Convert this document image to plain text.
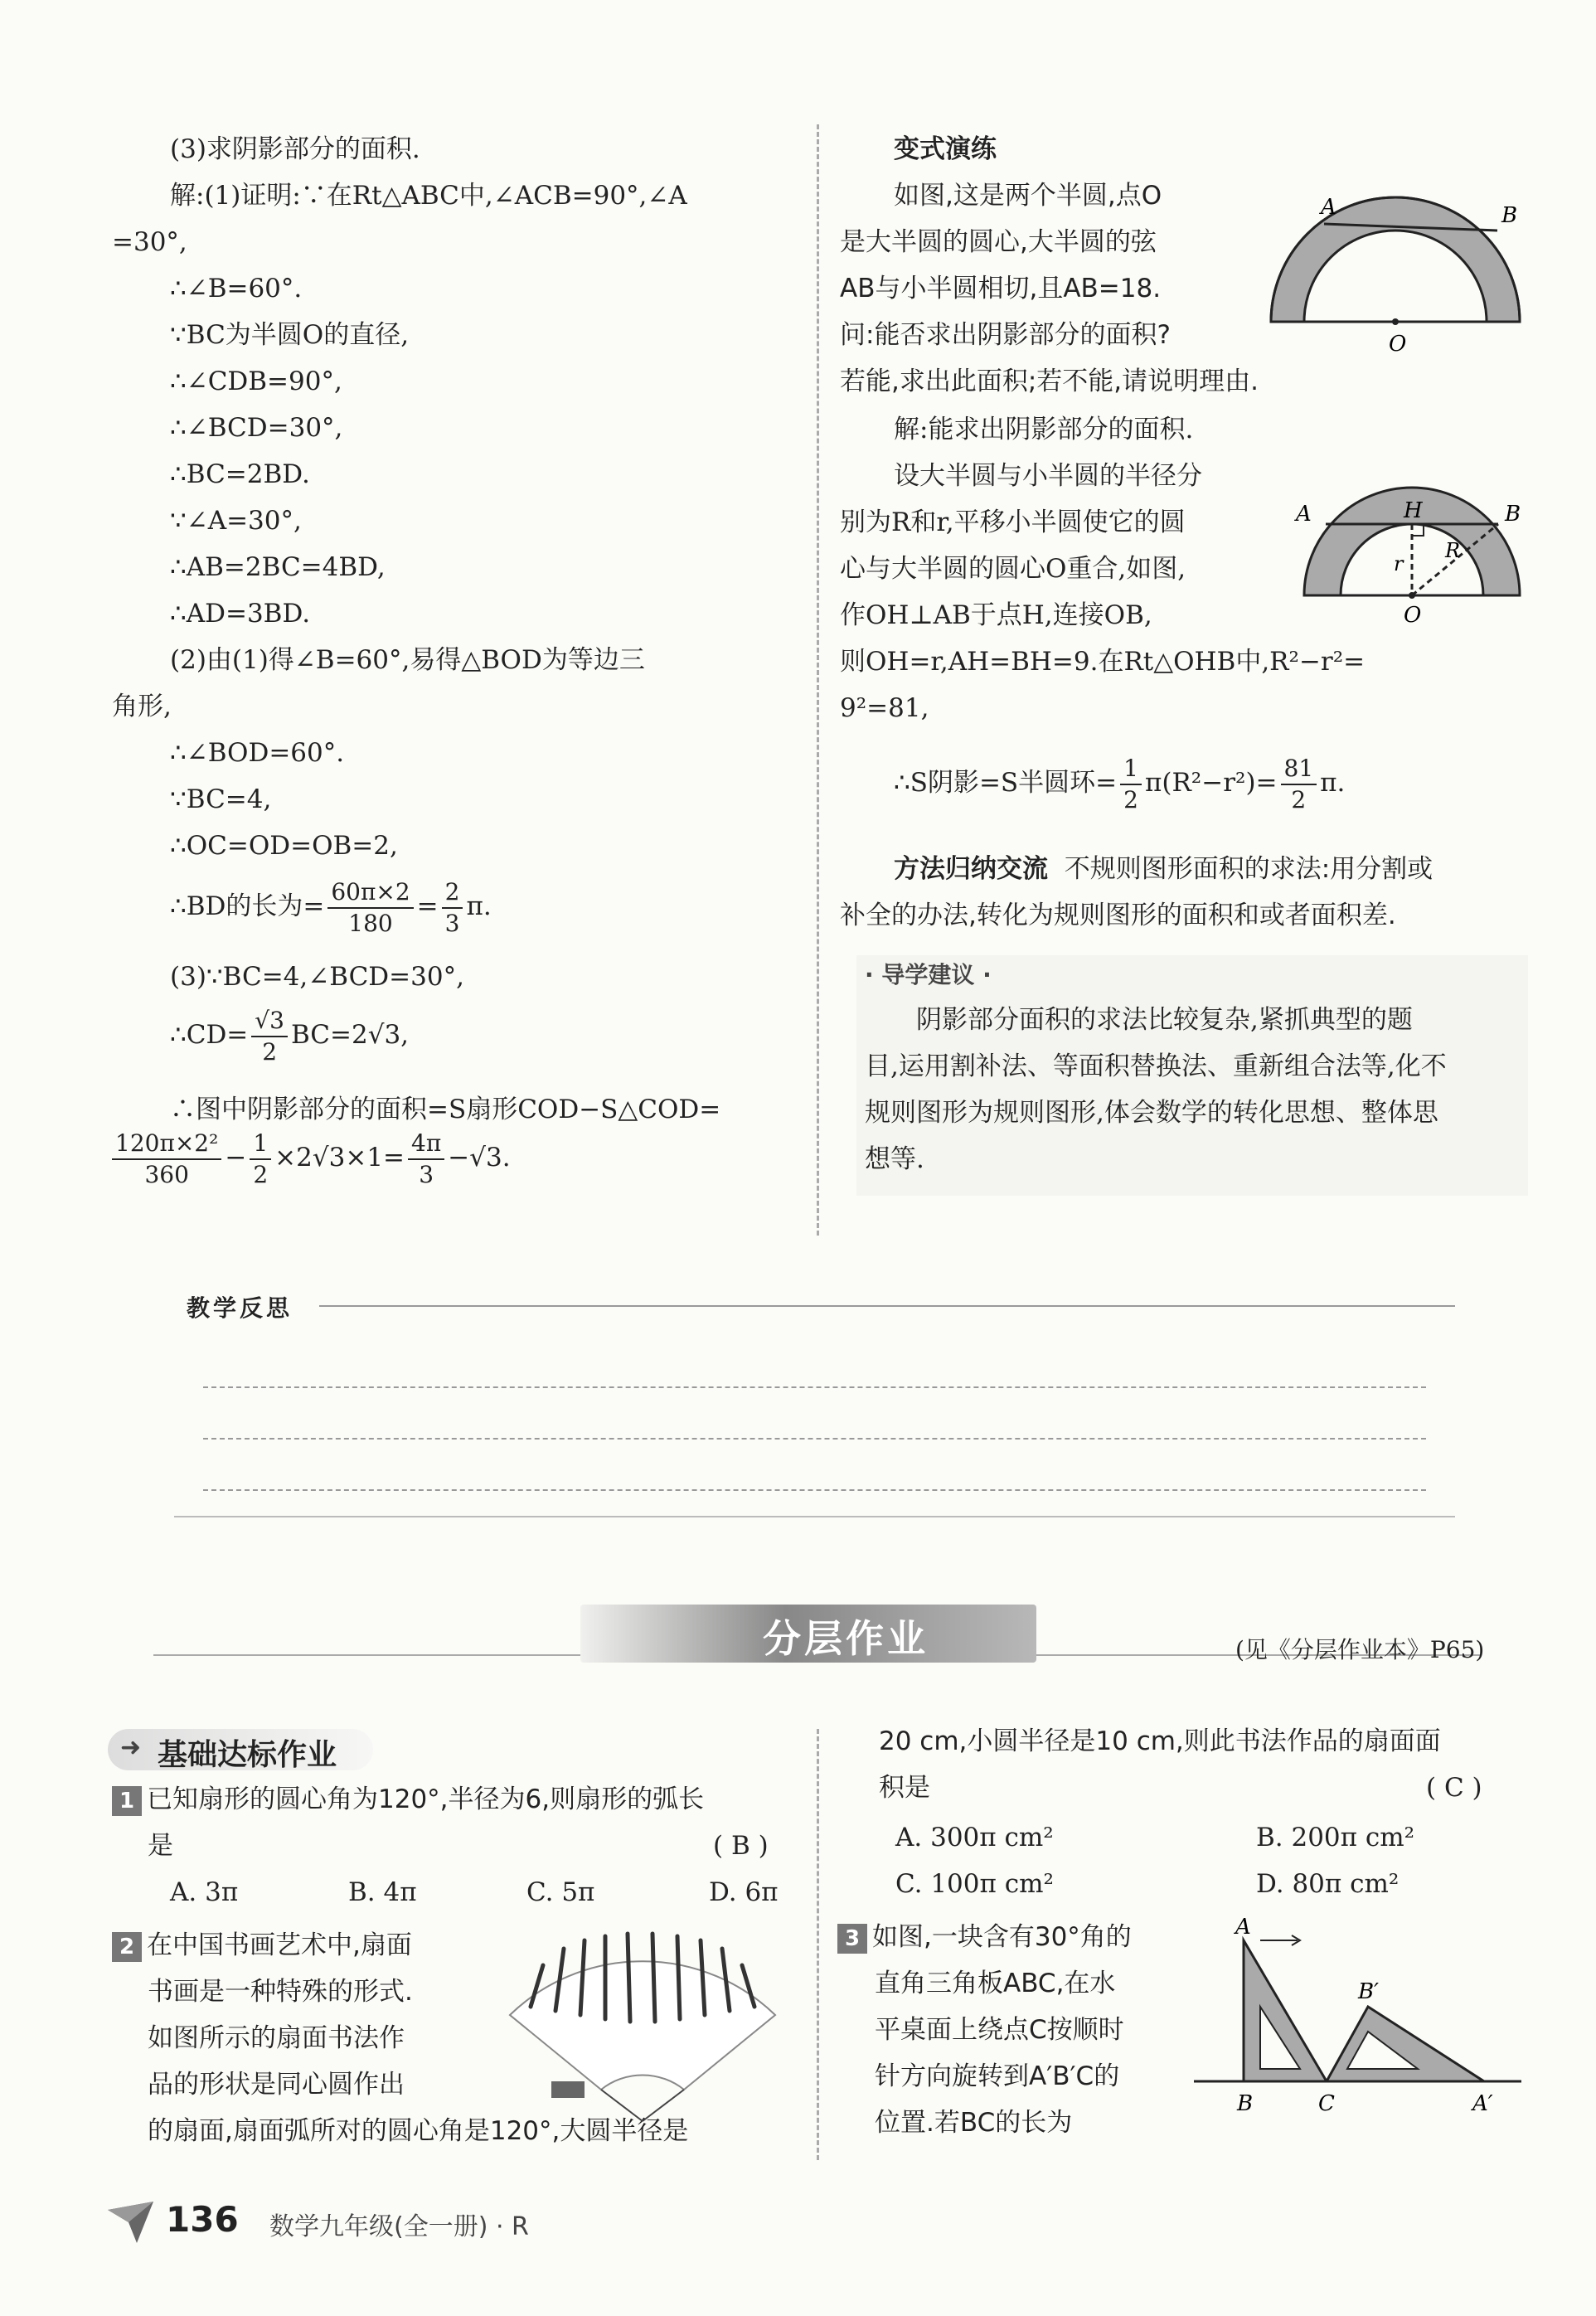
(3)求阴影部分的面积.
解:(1)证明:∵在Rt△ABC中,∠ACB=90°,∠A
=30°,
∴∠B=60°.
∵BC为半圆O的直径,
∴∠CDB=90°,
∴∠BCD=30°,
∴BC=2BD.
∵∠A=30°,
∴AB=2BC=4BD,
∴AD=3BD.
(2)由(1)得∠B=60°,易得△BOD为等边三
角形,
∴∠BOD=60°.
∵BC=4,
∴OC=OD=OB=2,
∴BD的长为= $\frac{60\pi\times 2}{180} = \frac{2}{3} \pi$.
(3)∵BC=4,∠BCD=30°,
∴CD= $\frac{√3}{2} BC=2√3$,
∴图中阴影部分的面积=S扇形COD−S△COD=
$\frac{\text{120π×2²}}{360} - \frac{1}{2} \times 2√3\times 1= \frac{4\pi}{3} -√3$.
变式演练
如图,这是两个半圆,点O
是大半圆的圆心,大半圆的弦
AB与小半圆相切,且AB=18.
问:能否求出阴影部分的面积?
若能,求出此面积;若不能,请说明理由.
A	B
O
解:能求出阴影部分的面积.
设大半圆与小半圆的半径分
别为R和r,平移小半圆使它的圆
心与大半圆的圆心O重合,如图,
作OH⊥AB于点H,连接OB,
则OH=r,AH=BH=9.在Rt△OHB中,R²−r²=
9²=81,
A	B
H
O
r
R
∴S阴影=S半圆环= $\frac{1}{2} \pi(R^2-r^2)= \frac{81}{2} \pi$.
方法归纳交流 不规则图形面积的求法:用分割或
补全的办法,转化为规则图形的面积和或者面积差.
· 导学建议 ·
阴影部分面积的求法比较复杂,紧抓典型的题
目,运用割补法、等面积替换法、重新组合法等,化不
规则图形为规则图形,体会数学的转化思想、整体思
想等.
教学反思
分层作业	(见《分层作业本》P65)
➜ 基础达标作业
1 已知扇形的圆心角为120°,半径为6,则扇形的弧长
是	( B )
A. 3π	B. 4π	C. 5π	D. 6π
2 在中国书画艺术中,扇面
书画是一种特殊的形式.
如图所示的扇面书法作
品的形状是同心圆作出
的扇面,扇面弧所对的圆心角是120°,大圆半径是
20 cm,小圆半径是10 cm,则此书法作品的扇面面
积是	( C )
A. 300π cm²	B. 200π cm²
C. 100π cm²	D. 80π cm²
3 如图,一块含有30°角的
直角三角板ABC,在水
平桌面上绕点C按顺时
针方向旋转到A′B′C的
位置.若BC的长为
A
B	C
B′
A′
136 数学九年级(全一册) · R
